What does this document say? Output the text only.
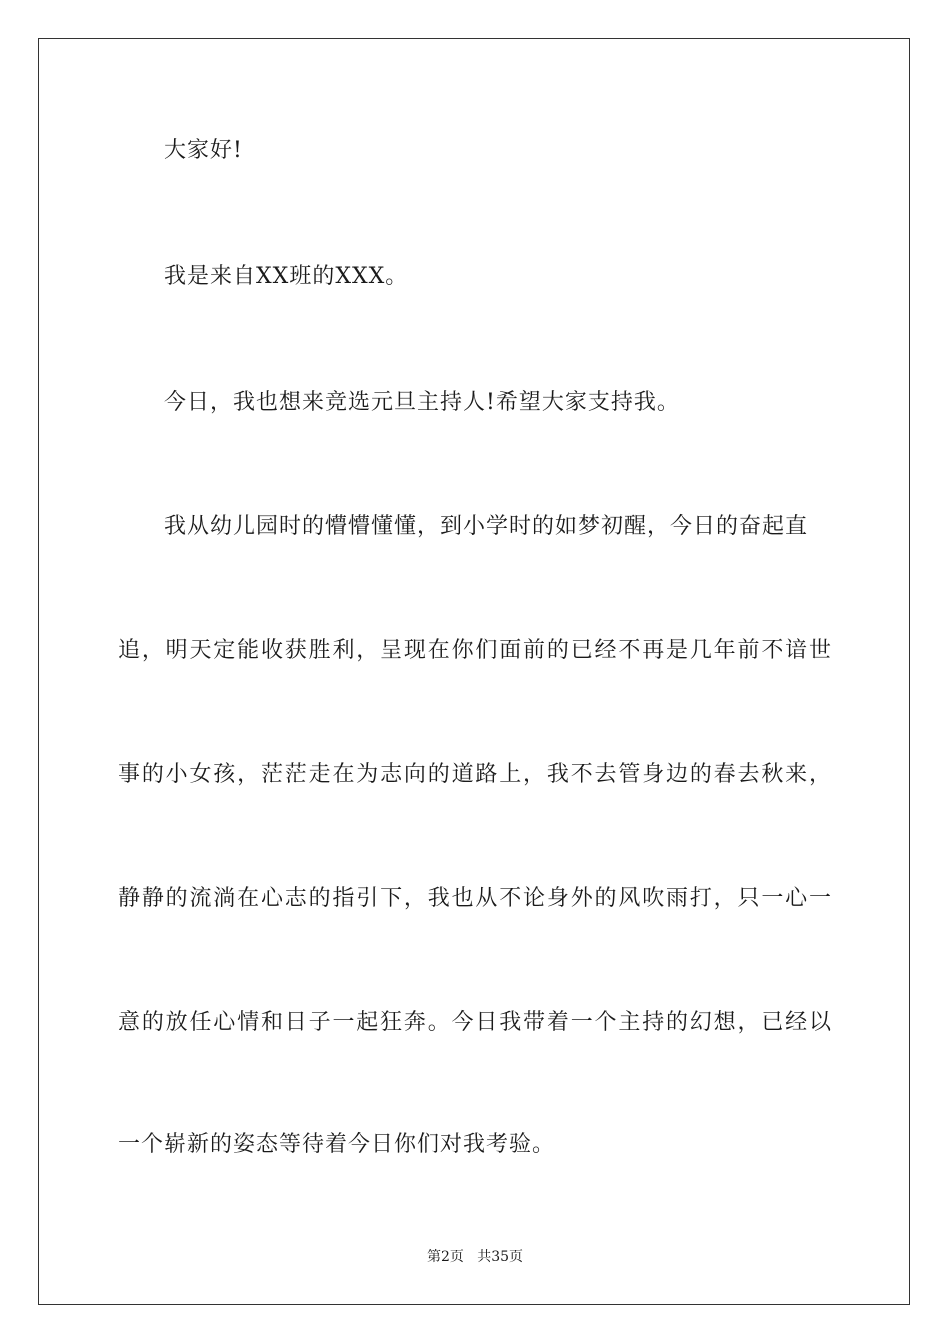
大家好!
我是来自XX班的XXX。
今日，我也想来竞选元旦主持人!希望大家支持我。
我从幼儿园时的懵懵懂懂，到小学时的如梦初醒，今日的奋起直
追，明天定能收获胜利，呈现在你们面前的已经不再是几年前不谙世
事的小女孩，茫茫走在为志向的道路上，我不去管身边的春去秋来，
静静的流淌在心志的指引下，我也从不论身外的风吹雨打，只一心一
意的放任心情和日子一起狂奔。今日我带着一个主持的幻想，已经以
一个崭新的姿态等待着今日你们对我考验。
第2页   共35页
